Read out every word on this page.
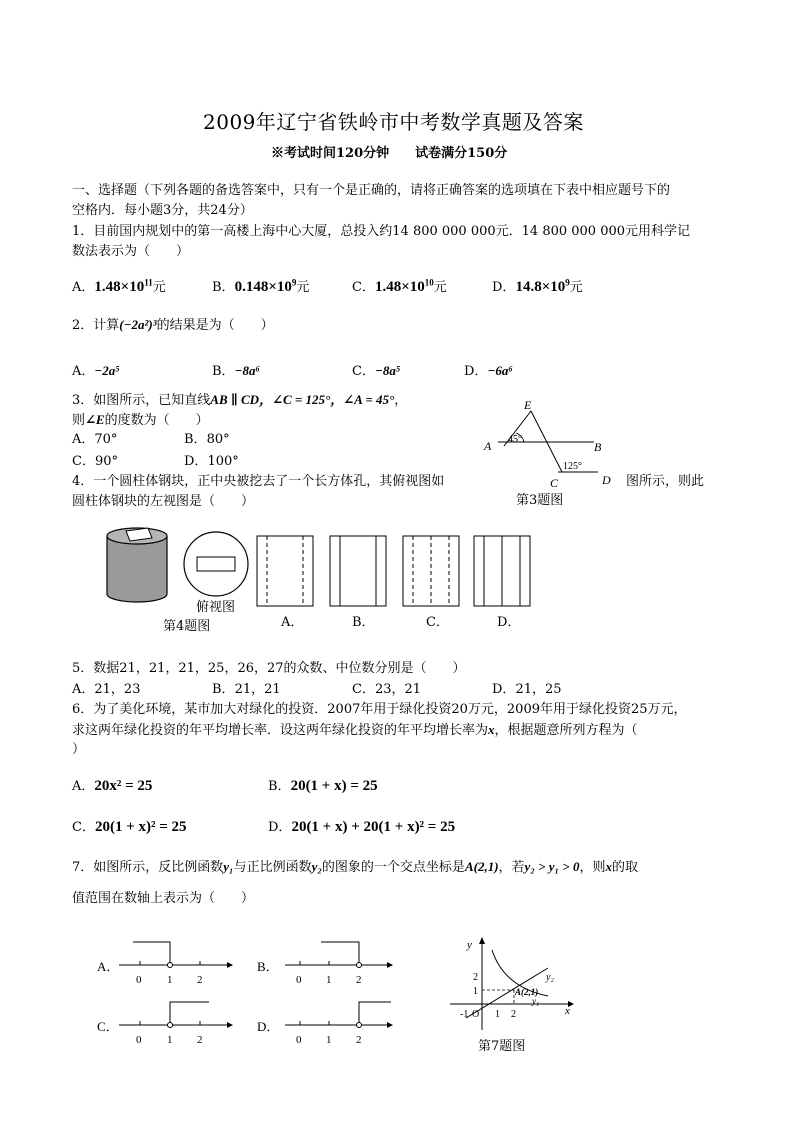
2009年辽宁省铁岭市中考数学真题及答案
※考试时间120分钟　　试卷满分150分
一、选择题（下列各题的备选答案中，只有一个是正确的，请将正确答案的选项填在下表中相应题号下的
空格内．每小题3分，共24分）
1．目前国内规划中的第一高楼上海中心大厦，总投入约14 800 000 000元．14 800 000 000元用科学记
数法表示为（　　）
A．$1.48\times 10^{11}$元	B．$0.148\times 10^9$元	C．$1.48\times 10^{10}$元	D．$14.8\times 10^9$元
2．计算(−2a²)³的结果是为（　　）
A．−2a⁵	B．−8a⁶	C．−8a⁵	D．−6a⁶
3．如图所示，已知直线AB ∥ CD，∠C = 125°，∠A = 45°，
则∠E的度数为（　　）
A．70°	B．80°
C．90°	D．100°
E
A	B
C	D
45°
125°
第3题图
4．一个圆柱体钢块，正中央被挖去了一个长方体孔，其俯视图如	图所示，则此
圆柱体钢块的左视图是（　　）
俯视图
第4题图	A．	B．	C．	D．
5．数据21，21，21，25，26，27的众数、中位数分别是（　　）
A．21，23	B．21，21	C．23，21	D．21，25
6．为了美化环境，某市加大对绿化的投资．2007年用于绿化投资20万元，2009年用于绿化投资25万元，
求这两年绿化投资的年平均增长率．设这两年绿化投资的年平均增长率为x，根据题意所列方程为（
）
A．20x² = 25	B．20(1 + x) = 25
C．20(1 + x)² = 25	D．20(1 + x) + 20(1 + x)² = 25
7．如图所示，反比例函数y₁与正比例函数y₂的图象的一个交点坐标是A(2,1)，若y₂ > y₁ > 0，则x的取
值范围在数轴上表示为（　　）
A．
0 1 2
B．
0 1 2
C．
0 1 2
D．
0 1 2
y
x
y₂
y₁
A(2,1)
2
1
1 2
-1 O
第7题图
